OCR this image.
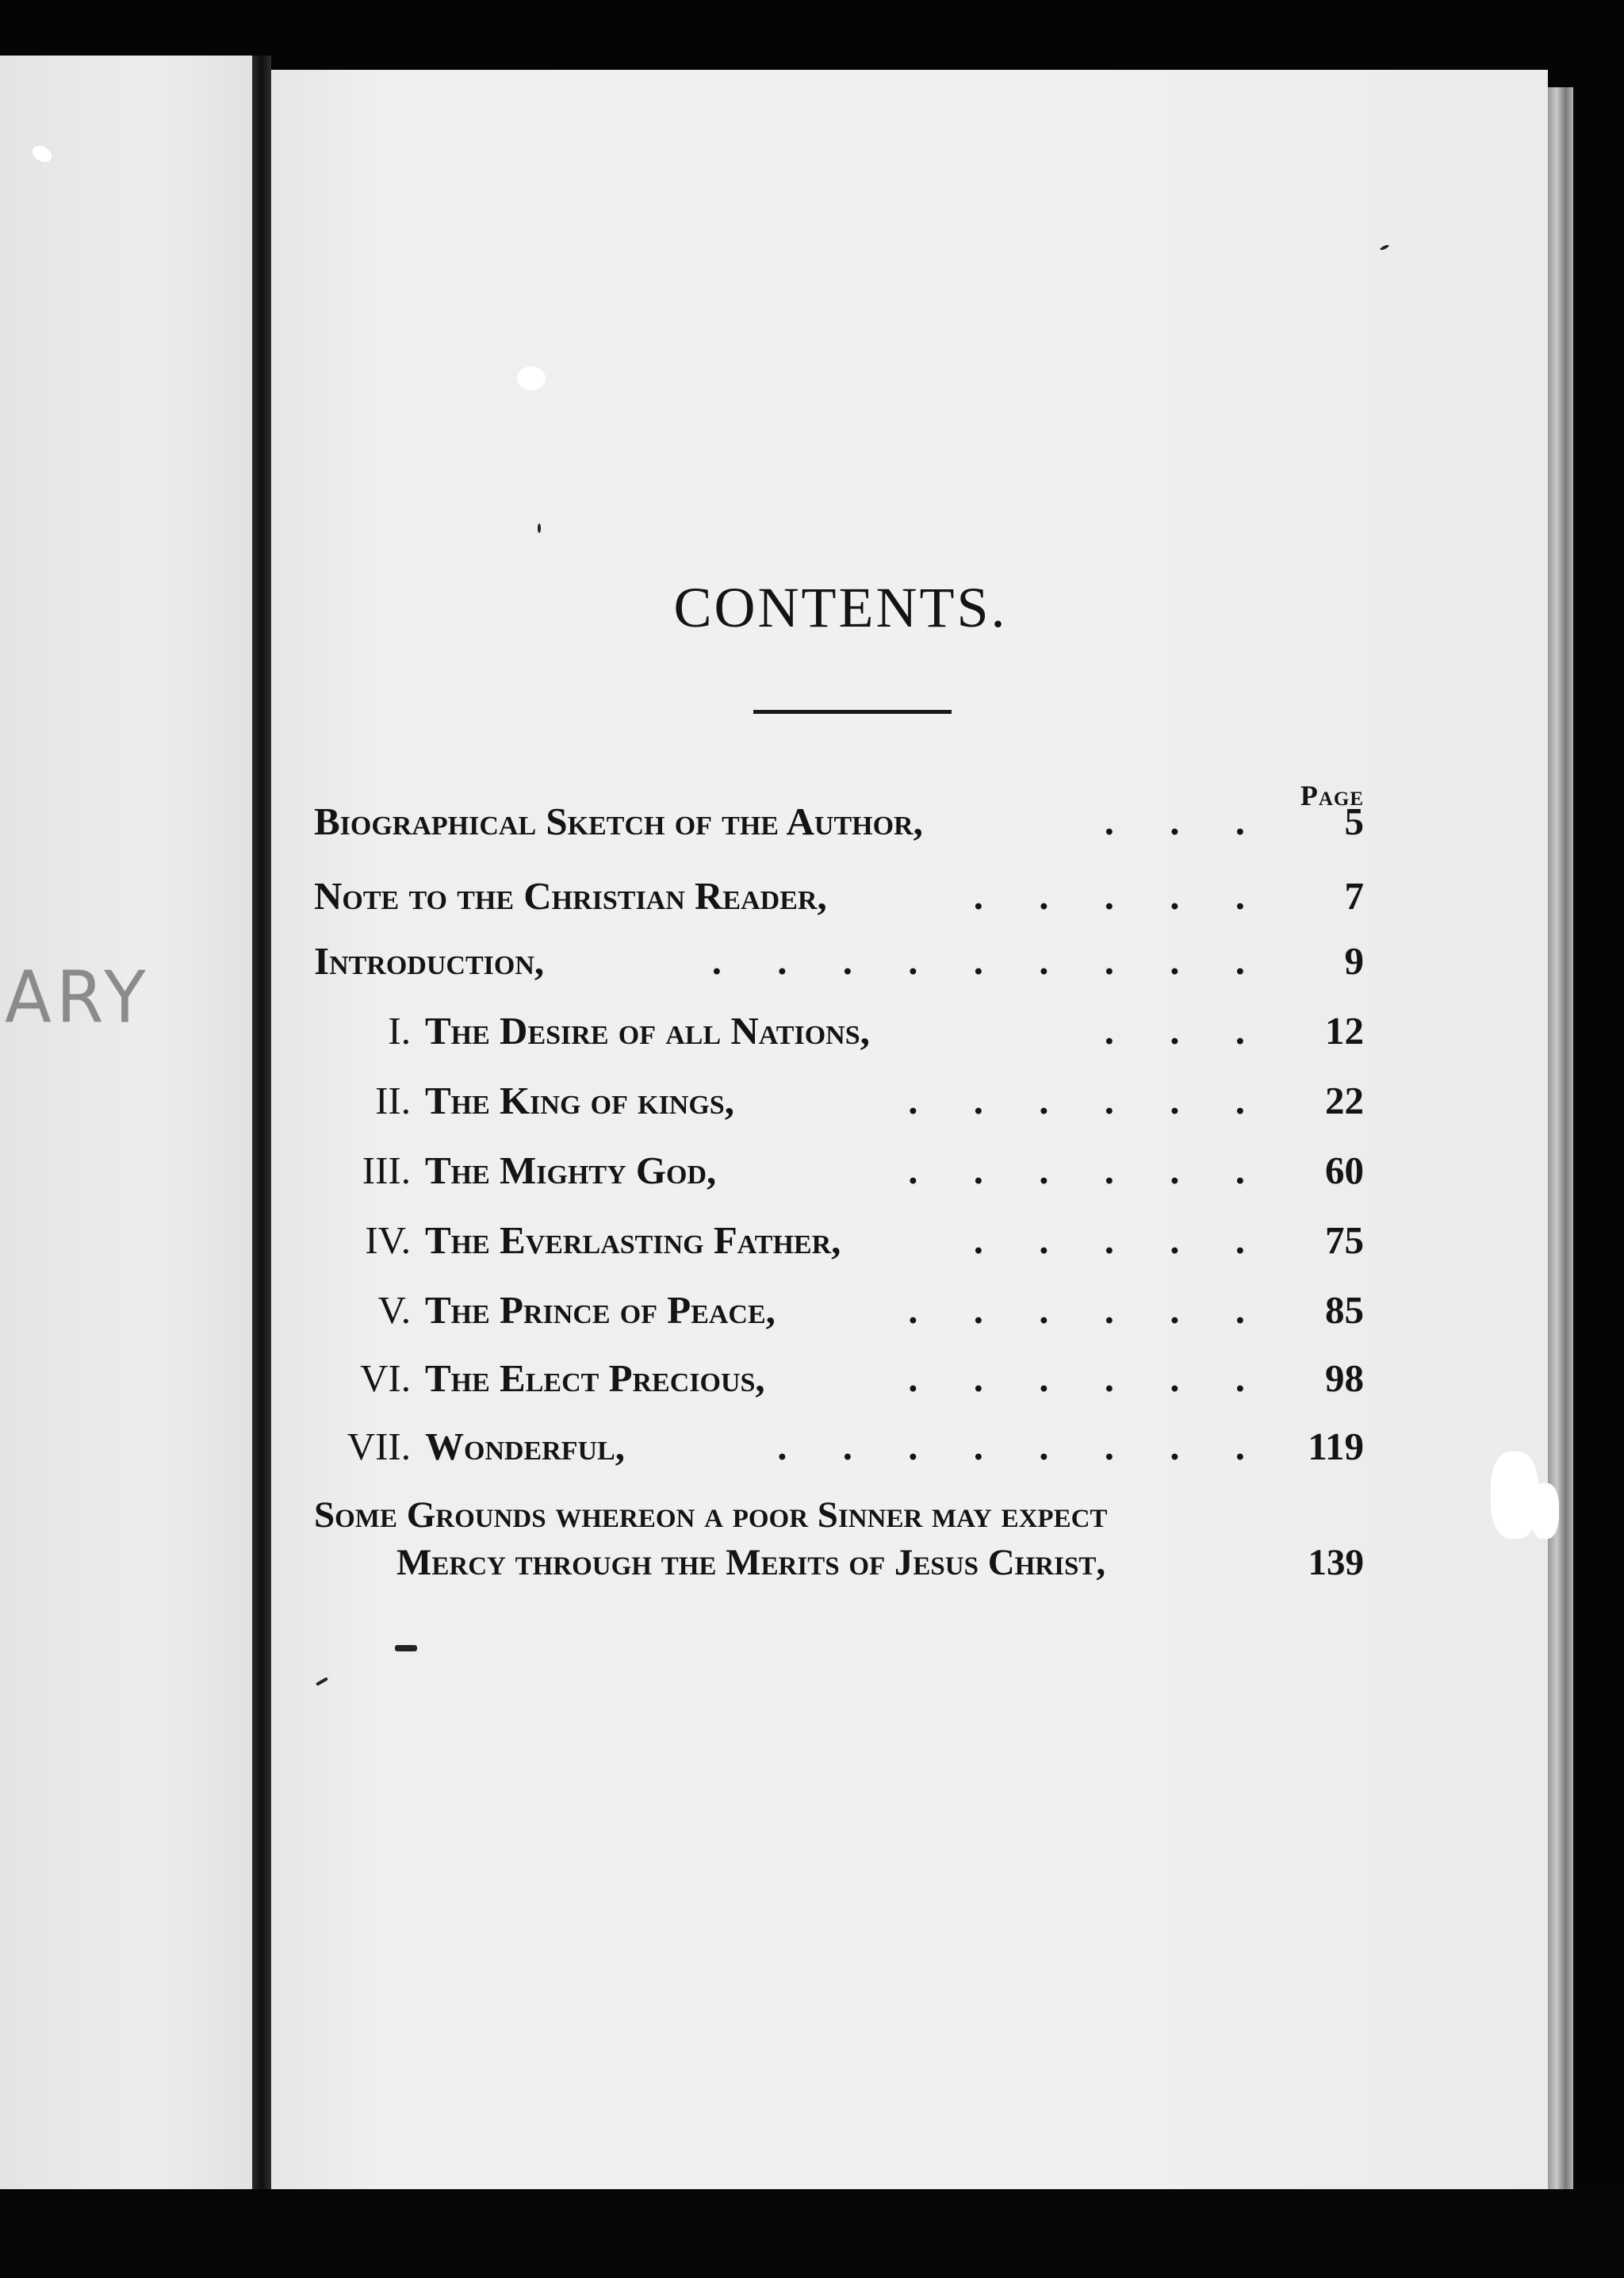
ARY
CONTENTS.
Page
Biographical Sketch of the Author,	. . .	5
Note to the Christian Reader,	. . . . .	7
Introduction,	. . . . . . . . .	9
I. The Desire of all Nations,	. . .	12
II. The King of kings,	. . . . . .	22
III. The Mighty God,	. . . . . .	60
IV. The Everlasting Father,	. . . . .	75
V. The Prince of Peace,	. . . . . .	85
VI. The Elect Precious,	. . . . . .	98
VII. Wonderful,	. . . . . . . .	119
Some Grounds whereon a poor Sinner may expect
Mercy through the Merits of Jesus Christ,	139
